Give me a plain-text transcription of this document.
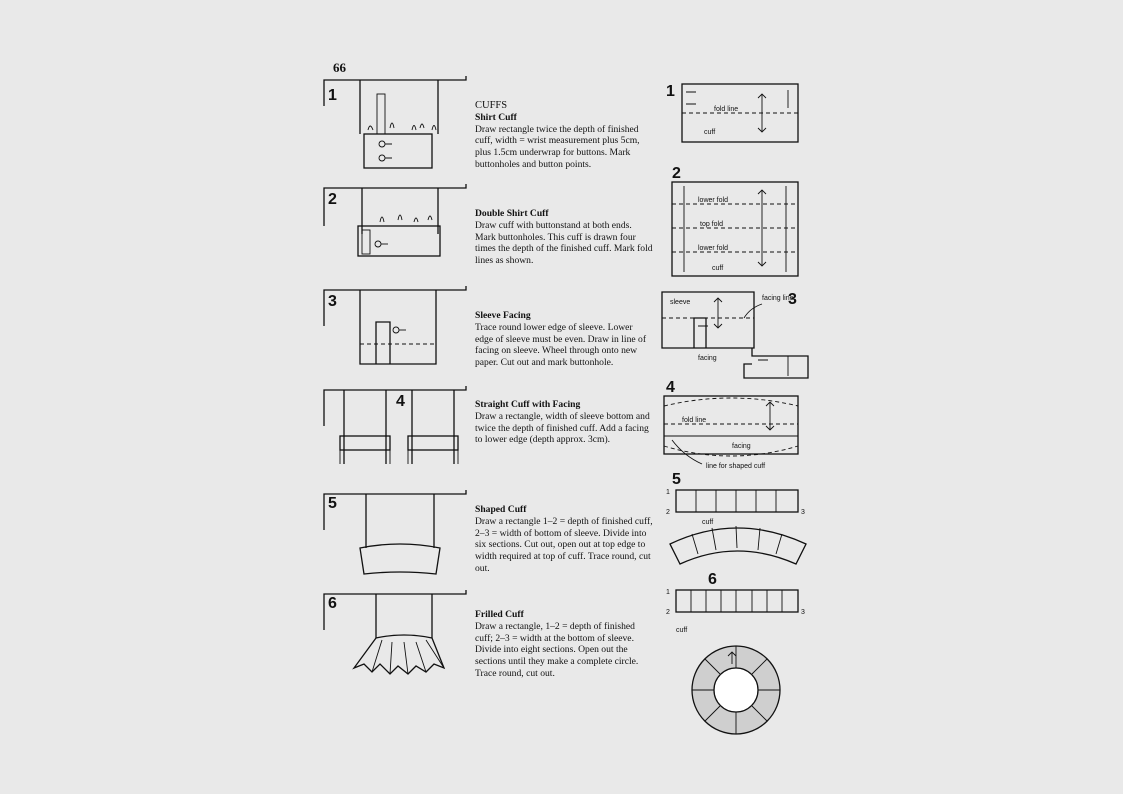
66
CUFFS
Shirt Cuff
Draw rectangle twice the depth of finished cuff, width = wrist measurement plus 5cm, plus 1.5cm underwrap for buttons. Mark buttonholes and button points.
Double Shirt Cuff
Draw cuff with buttonstand at both ends. Mark buttonholes. This cuff is drawn four times the depth of the finished cuff. Mark fold lines as shown.
Sleeve Facing
Trace round lower edge of sleeve. Lower edge of sleeve must be even. Draw in line of facing on sleeve. Wheel through onto new paper. Cut out and mark buttonhole.
Straight Cuff with Facing
Draw a rectangle, width of sleeve bottom and twice the depth of finished cuff. Add a facing to lower edge (depth approx. 3cm).
Shaped Cuff
Draw a rectangle 1–2 = depth of finished cuff, 2–3 = width of bottom of sleeve. Divide into six sections. Cut out, open out at top edge to width required at top of cuff. Trace round, cut out.
Frilled Cuff
Draw a rectangle, 1–2 = depth of finished cuff; 2–3 = width at the bottom of sleeve. Divide into eight sections. Open out the sections until they make a complete circle. Trace round, cut out.
1
2
3
4
5
6
1
fold line
cuff
2
lower fold
top fold
lower fold
cuff
3
sleeve
facing line
facing
4
fold line
facing
line for shaped cuff
5
1
2	3
cuff
6
1
2	3
cuff
